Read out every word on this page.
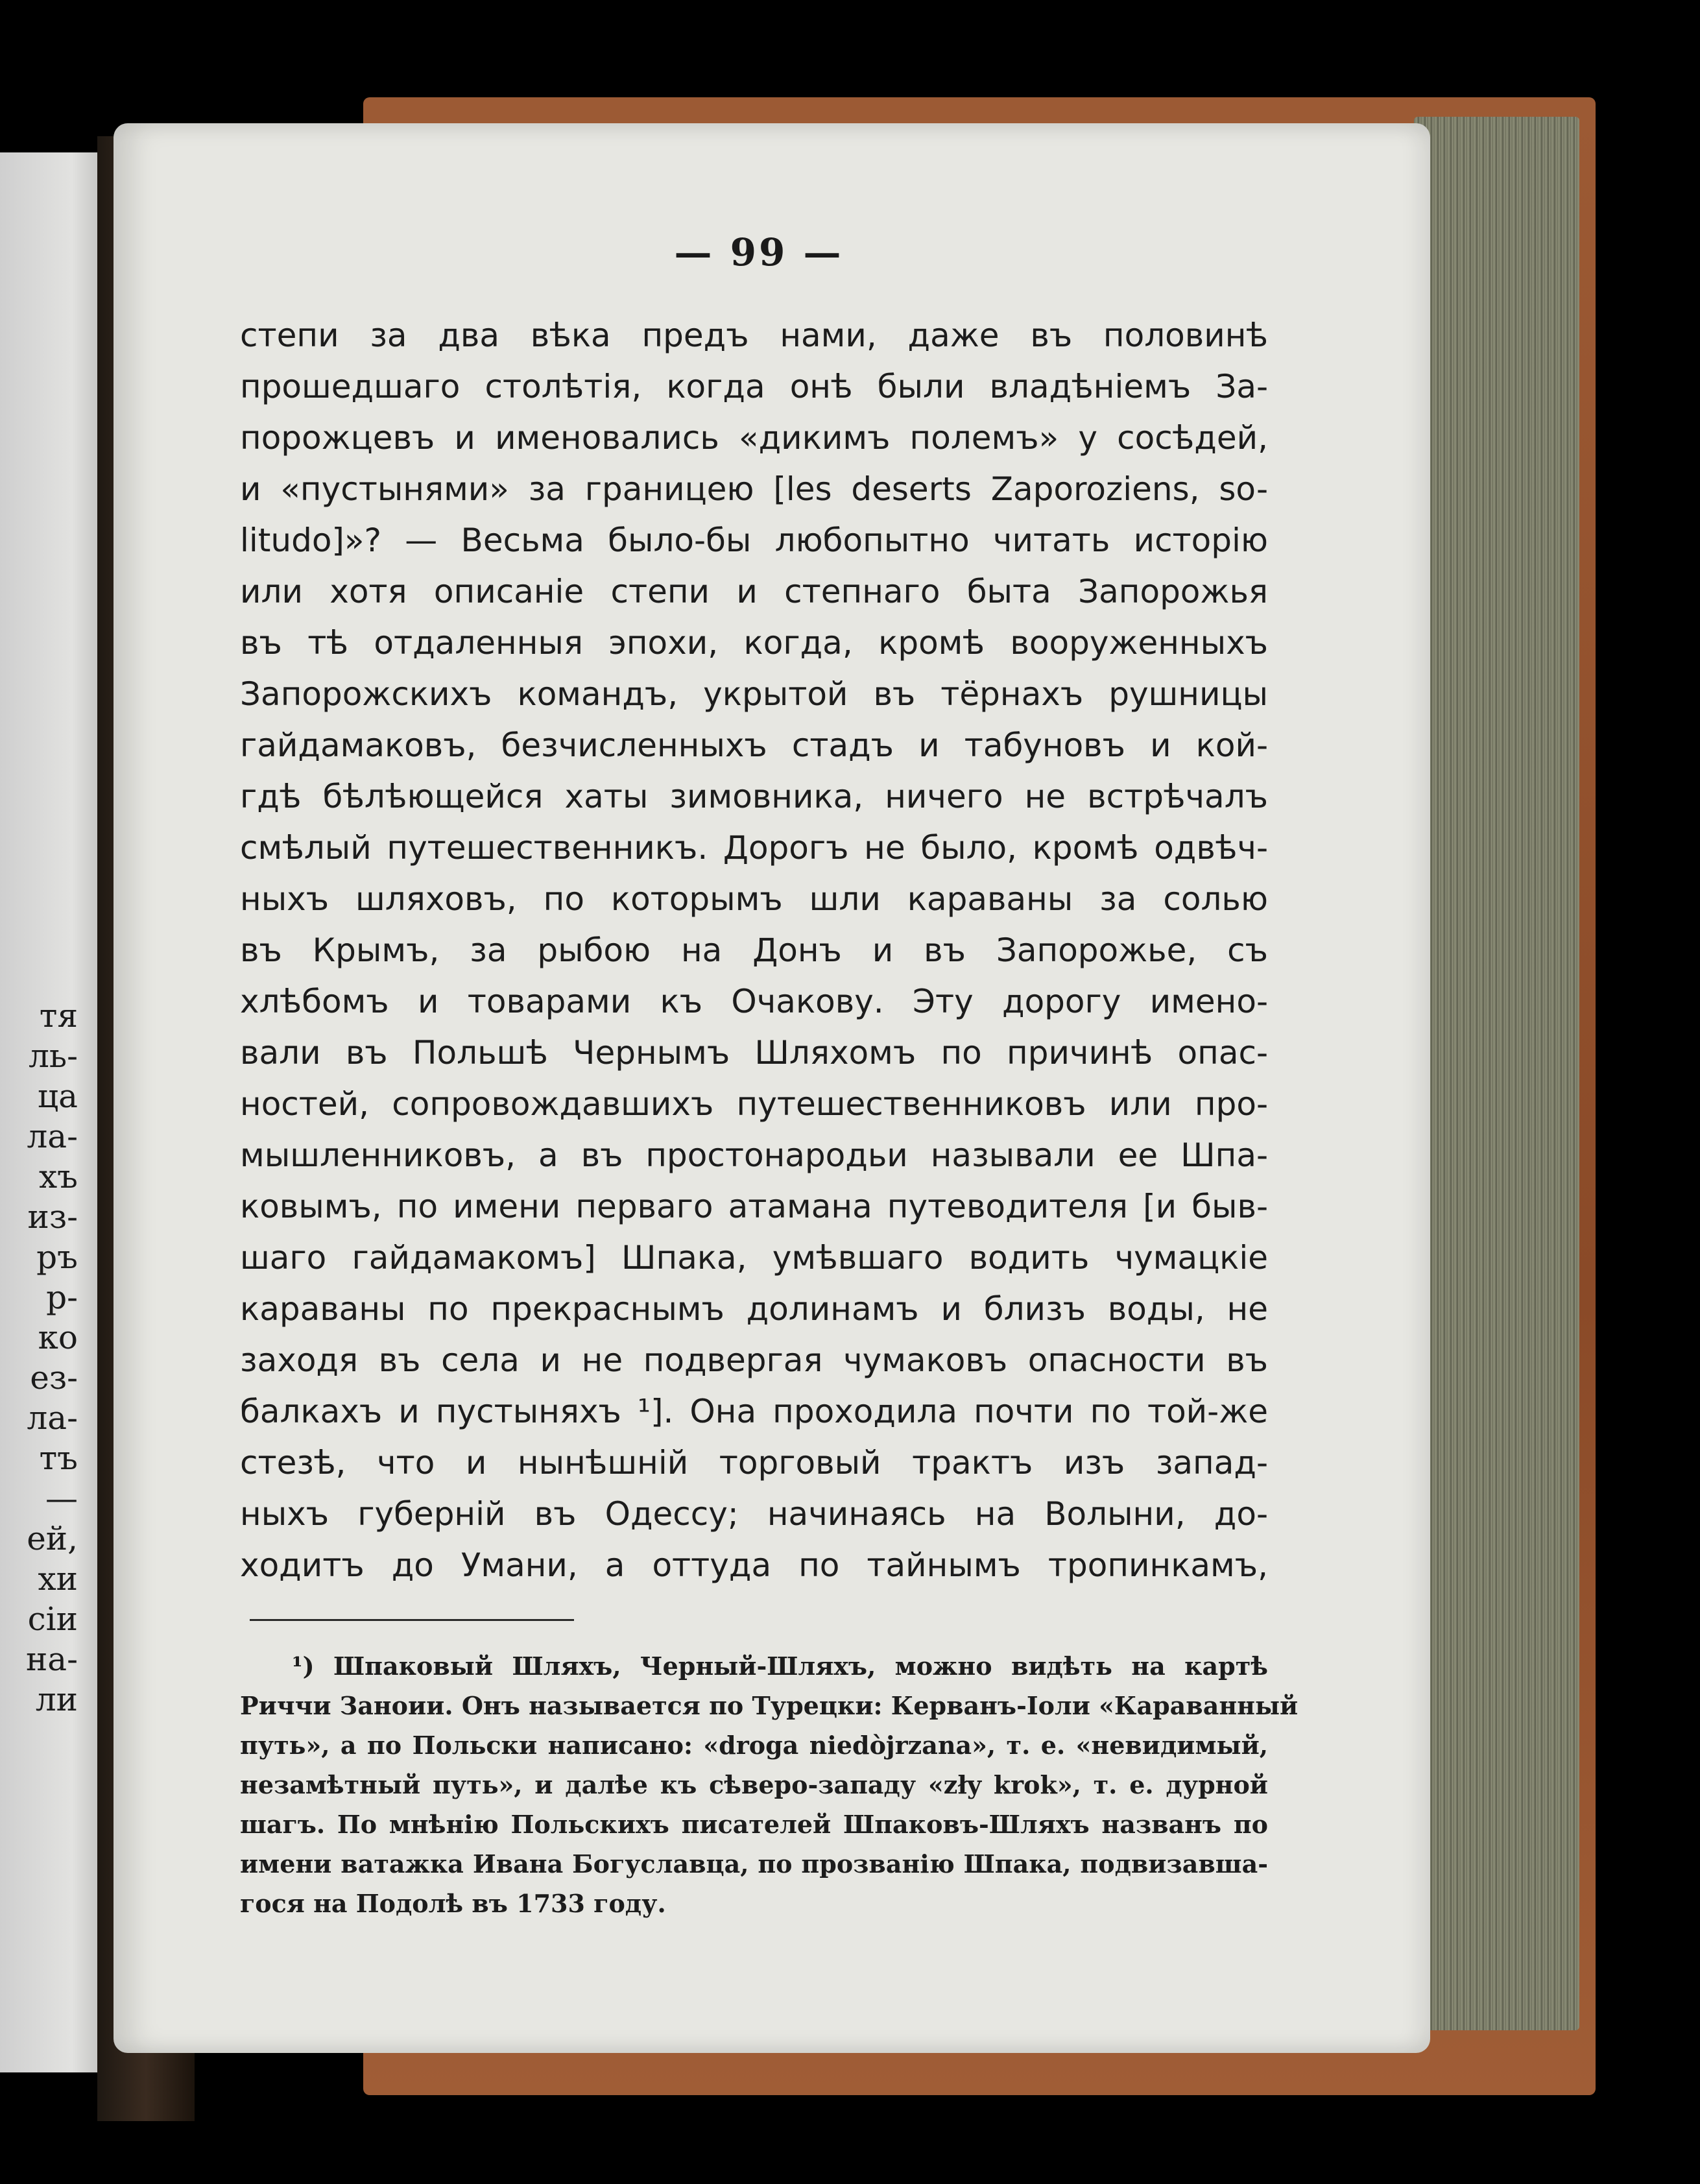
тя
ль-
ца
ла-
хъ
из-
ръ
р-
ко
ез-
ла-
тъ
—
ей,
хи
сiи
на-
ли
— 99 —
степи за два вѣка предъ нами, даже въ половинѣ
прошедшаго столѣтiя, когда онѣ были владѣнiемъ За-
порожцевъ и именовались «дикимъ полемъ» у сосѣдей,
и «пустынями» за границею [les deserts Zaporoziens, so-
litudo]»? — Весьма было-бы любопытно читать исторiю
или хотя описанiе степи и степнаго быта Запорожья
въ тѣ отдаленныя эпохи, когда, кромѣ вооруженныхъ
Запорожскихъ командъ, укрытой въ тёрнахъ рушницы
гайдамаковъ, безчисленныхъ стадъ и табуновъ и кой-
гдѣ бѣлѣющейся хаты зимовника, ничего не встрѣчалъ
смѣлый путешественникъ. Дорогъ не было, кромѣ одвѣч-
ныхъ шляховъ, по которымъ шли караваны за солью
въ Крымъ, за рыбою на Донъ и въ Запорожье, съ
хлѣбомъ и товарами къ Очакову. Эту дорогу имено-
вали въ Польшѣ Чернымъ Шляхомъ по причинѣ опас-
ностей, сопровождавшихъ путешественниковъ или про-
мышленниковъ, а въ простонародьи называли ее Шпа-
ковымъ, по имени перваго атамана путеводителя [и быв-
шаго гайдамакомъ] Шпака, умѣвшаго водить чумацкiе
караваны по прекраснымъ долинамъ и близъ воды, не
заходя въ села и не подвергая чумаковъ опасности въ
балкахъ и пустыняхъ ¹]. Она проходила почти по той-же
стезѣ, что и нынѣшнiй торговый трактъ изъ запад-
ныхъ губернiй въ Одессу; начинаясь на Волыни, до-
ходитъ до Умани, а оттуда по тайнымъ тропинкамъ,
¹) Шпаковый Шляхъ, Черный-Шляхъ, можно видѣть на картѣ
Риччи Заноии. Онъ называется по Турецки: Керванъ-Іоли «Караванный
путь», а по Польски написано: «droga niedòjrzana», т. е. «невидимый,
незамѣтный путь», и далѣе къ сѣверо-западу «zły krok», т. е. дурной
шагъ. По мнѣнiю Польскихъ писателей Шпаковъ-Шляхъ названъ по
имени ватажка Ивана Богуславца, по прозванiю Шпака, подвизавша-
гося на Подолѣ въ 1733 году.
